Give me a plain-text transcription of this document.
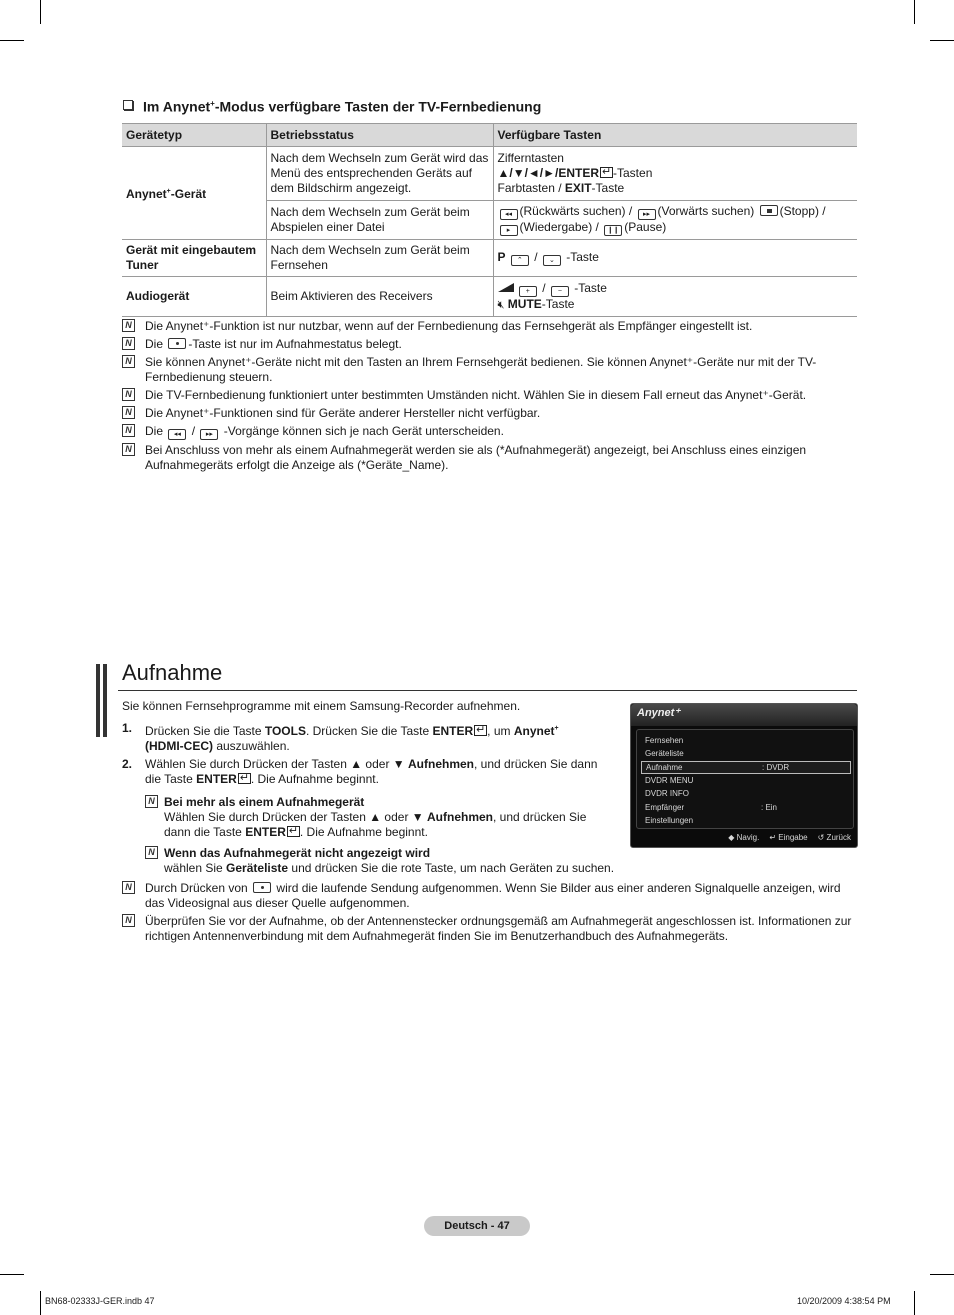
Im Anynet+-Modus verfügbare Tasten der TV-Fernbedienung
Gerätetyp	Betriebsstatus	Verfügbare Tasten
Anynet+-Gerät	Nach dem Wechseln zum Gerät wird das Menü des entsprechenden Geräts auf dem Bildschirm angezeigt.	Zifferntasten
▲/▼/◄/►/ENTER ↵ -Tasten
Farbtasten / EXIT-Taste

	Nach dem Wechseln zum Gerät beim Abspielen einer Datei	◂◂ (Rückwärts suchen) / ▸▸ (Vorwärts suchen) (Stopp) /
▸ (Wiedergabe) / ❙❙ (Pause)
Gerät mit eingebautem Tuner	Nach dem Wechseln zum Gerät beim Fernsehen	P ⌃ / ⌄ -Taste
Audiogerät	Beim Aktivieren des Receivers	+ / − -Taste
🔇︎ MUTE-Taste
N Die Anynet⁺-Funktion ist nur nutzbar, wenn auf der Fernbedienung das Fernsehgerät als Empfänger eingestellt ist.
N Die -Taste ist nur im Aufnahmestatus belegt.
N Sie können Anynet⁺-Geräte nicht mit den Tasten an Ihrem Fernsehgerät bedienen. Sie können Anynet⁺-Geräte nur mit der TV-Fernbedienung steuern.
N Die TV-Fernbedienung funktioniert unter bestimmten Umständen nicht. Wählen Sie in diesem Fall erneut das Anynet⁺-Gerät.
N Die Anynet⁺-Funktionen sind für Geräte anderer Hersteller nicht verfügbar.
N Die ◂◂ / ▸▸ -Vorgänge können sich je nach Gerät unterscheiden.
N Bei Anschluss von mehr als einem Aufnahmegerät werden sie als (*Aufnahmegerät) angezeigt, bei Anschluss eines einzigen Aufnahmegeräts erfolgt die Anzeige als (*Geräte_Name).
Aufnahme
Sie können Fernsehprogramme mit einem Samsung-Recorder aufnehmen.
1. Drücken Sie die Taste TOOLS. Drücken Sie die Taste ENTER ↵ , um Anynet+
(HDMI-CEC) auszuwählen.
2. Wählen Sie durch Drücken der Tasten ▲ oder ▼ Aufnehmen, und drücken Sie dann die Taste ENTER ↵ . Die Aufnahme beginnt.
N Bei mehr als einem Aufnahmegerät
Wählen Sie durch Drücken der Tasten ▲ oder ▼ Aufnehmen, und drücken Sie dann die Taste ENTER ↵ . Die Aufnahme beginnt.
N Wenn das Aufnahmegerät nicht angezeigt wird
wählen Sie Geräteliste und drücken Sie die rote Taste, um nach Geräten zu suchen.
N Durch Drücken von wird die laufende Sendung aufgenommen. Wenn Sie Bilder aus einer anderen Signalquelle anzeigen, wird das Videosignal aus dieser Quelle aufgenommen.
N Überprüfen Sie vor der Aufnahme, ob der Antennenstecker ordnungsgemäß am Aufnahmegerät angeschlossen ist. Informationen zur richtigen Antennenverbindung mit dem Aufnahmegerät finden Sie im Benutzerhandbuch des Aufnahmegeräts.
Anynet⁺
Fernsehen
Geräteliste
Aufnahme	: DVDR
DVDR MENU
DVDR INFO
Empfänger	: Ein
Einstellungen
◆ Navig. ↵ Eingabe ↺ Zurück
Deutsch - 47
BN68-02333J-GER.indb 47	10/20/2009 4:38:54 PM
